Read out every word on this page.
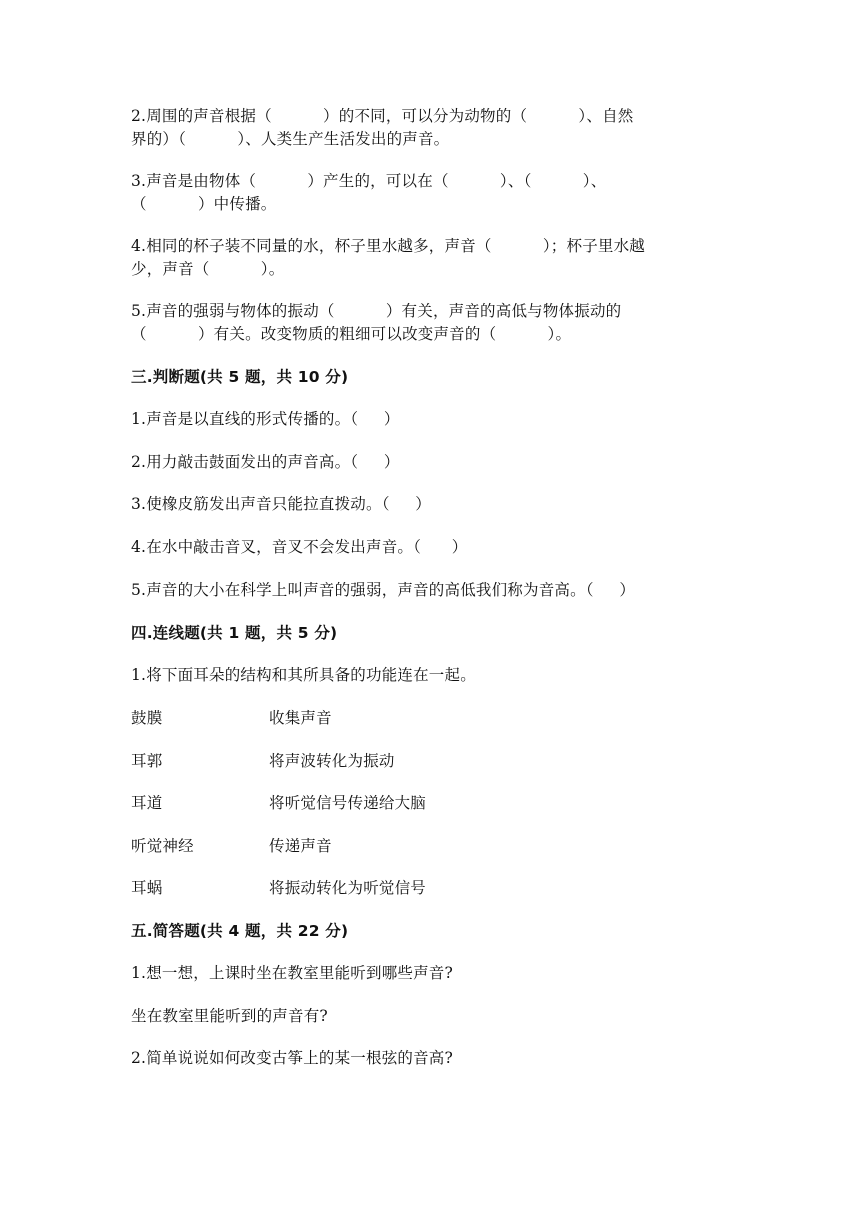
2.周围的声音根据（          ）的不同，可以分为动物的（          ）、自然
界的）（          ）、人类生产生活发出的声音。
3.声音是由物体（          ）产生的，可以在（          ）、（          ）、
（          ）中传播。
4.相同的杯子装不同量的水，杯子里水越多，声音（          ）；杯子里水越
少，声音（          ）。
5.声音的强弱与物体的振动（          ）有关，声音的高低与物体振动的
（          ）有关。改变物质的粗细可以改变声音的（          ）。
三.判断题(共 5 题，共 10 分)
1.声音是以直线的形式传播的。（     ）
2.用力敲击鼓面发出的声音高。（     ）
3.使橡皮筋发出声音只能拉直拨动。（     ）
4.在水中敲击音叉，音叉不会发出声音。（      ）
5.声音的大小在科学上叫声音的强弱，声音的高低我们称为音高。（     ）
四.连线题(共 1 题，共 5 分)
1.将下面耳朵的结构和其所具备的功能连在一起。
鼓膜	收集声音
耳郭	将声波转化为振动
耳道	将听觉信号传递给大脑
听觉神经	传递声音
耳蜗	将振动转化为听觉信号
五.简答题(共 4 题，共 22 分)
1.想一想，上课时坐在教室里能听到哪些声音?
坐在教室里能听到的声音有?
2.简单说说如何改变古筝上的某一根弦的音高?
